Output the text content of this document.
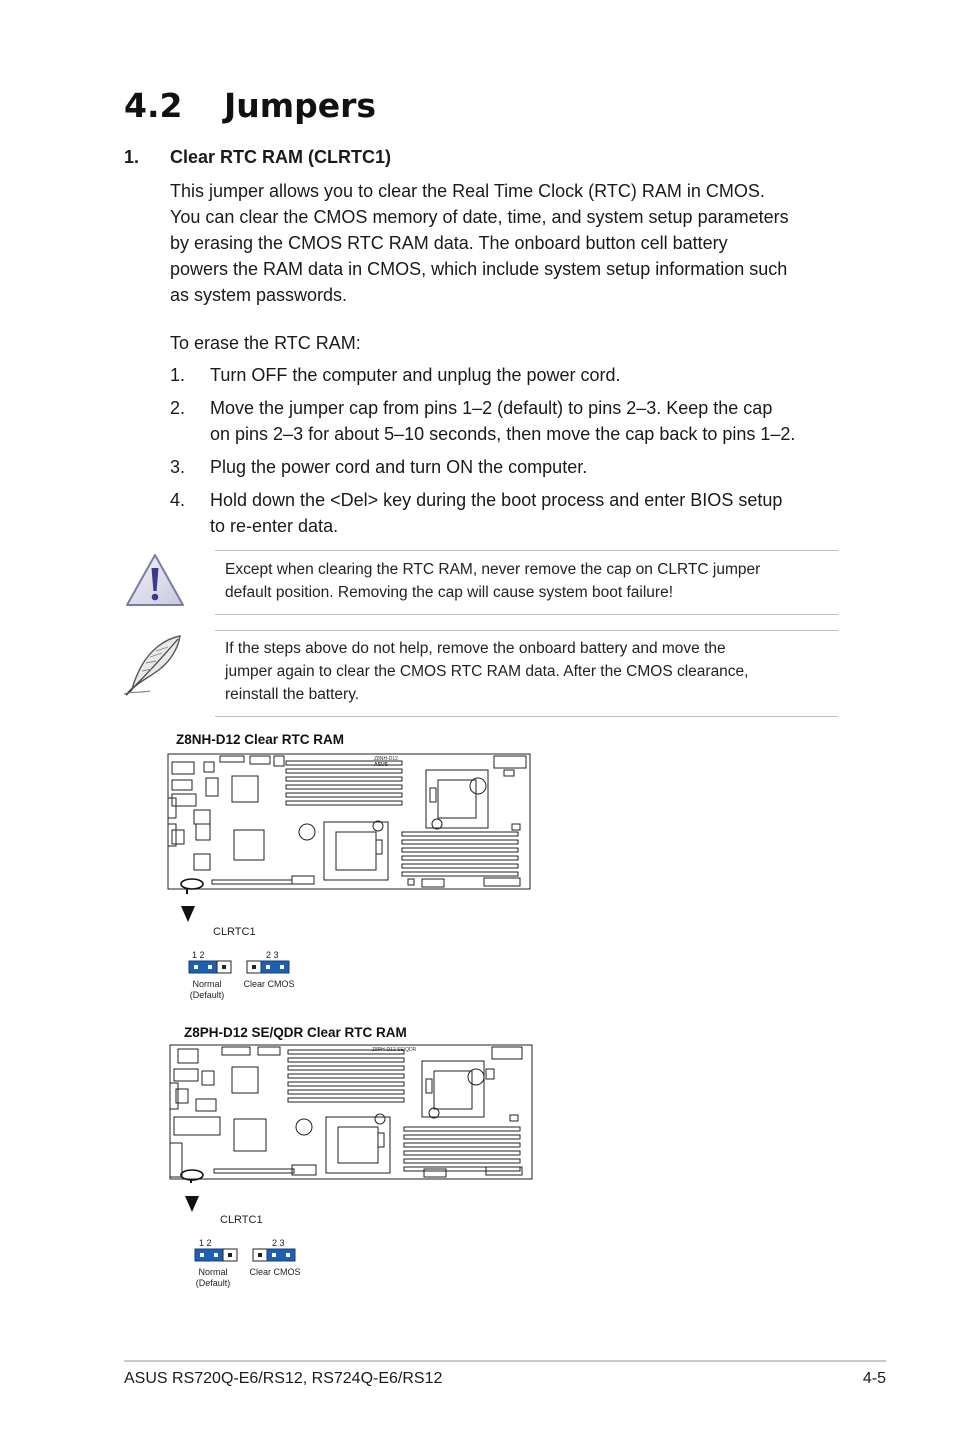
4.2 Jumpers
1. Clear RTC RAM (CLRTC1)
This jumper allows you to clear the Real Time Clock (RTC) RAM in CMOS.
You can clear the CMOS memory of date, time, and system setup parameters
by erasing the CMOS RTC RAM data. The onboard button cell battery
powers the RAM data in CMOS, which include system setup information such
as system passwords.
To erase the RTC RAM:
1. Turn OFF the computer and unplug the power cord.
2. Move the jumper cap from pins 1–2 (default) to pins 2–3. Keep the cap
on pins 2–3 for about 5–10 seconds, then move the cap back to pins 1–2.
3. Plug the power cord and turn ON the computer.
4. Hold down the <Del> key during the boot process and enter BIOS setup
to re-enter data.
Except when clearing the RTC RAM, never remove the cap on CLRTC jumper
default position. Removing the cap will cause system boot failure!
If the steps above do not help, remove the onboard battery and move the
jumper again to clear the CMOS RTC RAM data. After the CMOS clearance,
reinstall the battery.
Z8NH-D12 Clear RTC RAM
Z8NH-D12
ASUS
CLRTC1
1 2	2 3
Normal
(Default)
Clear CMOS
Z8PH-D12 SE/QDR Clear RTC RAM
Z8PH-D12 SE/QDR
CLRTC1
1 2	2 3
Normal
(Default)
Clear CMOS
ASUS RS720Q-E6/RS12, RS724Q-E6/RS12	4-5
